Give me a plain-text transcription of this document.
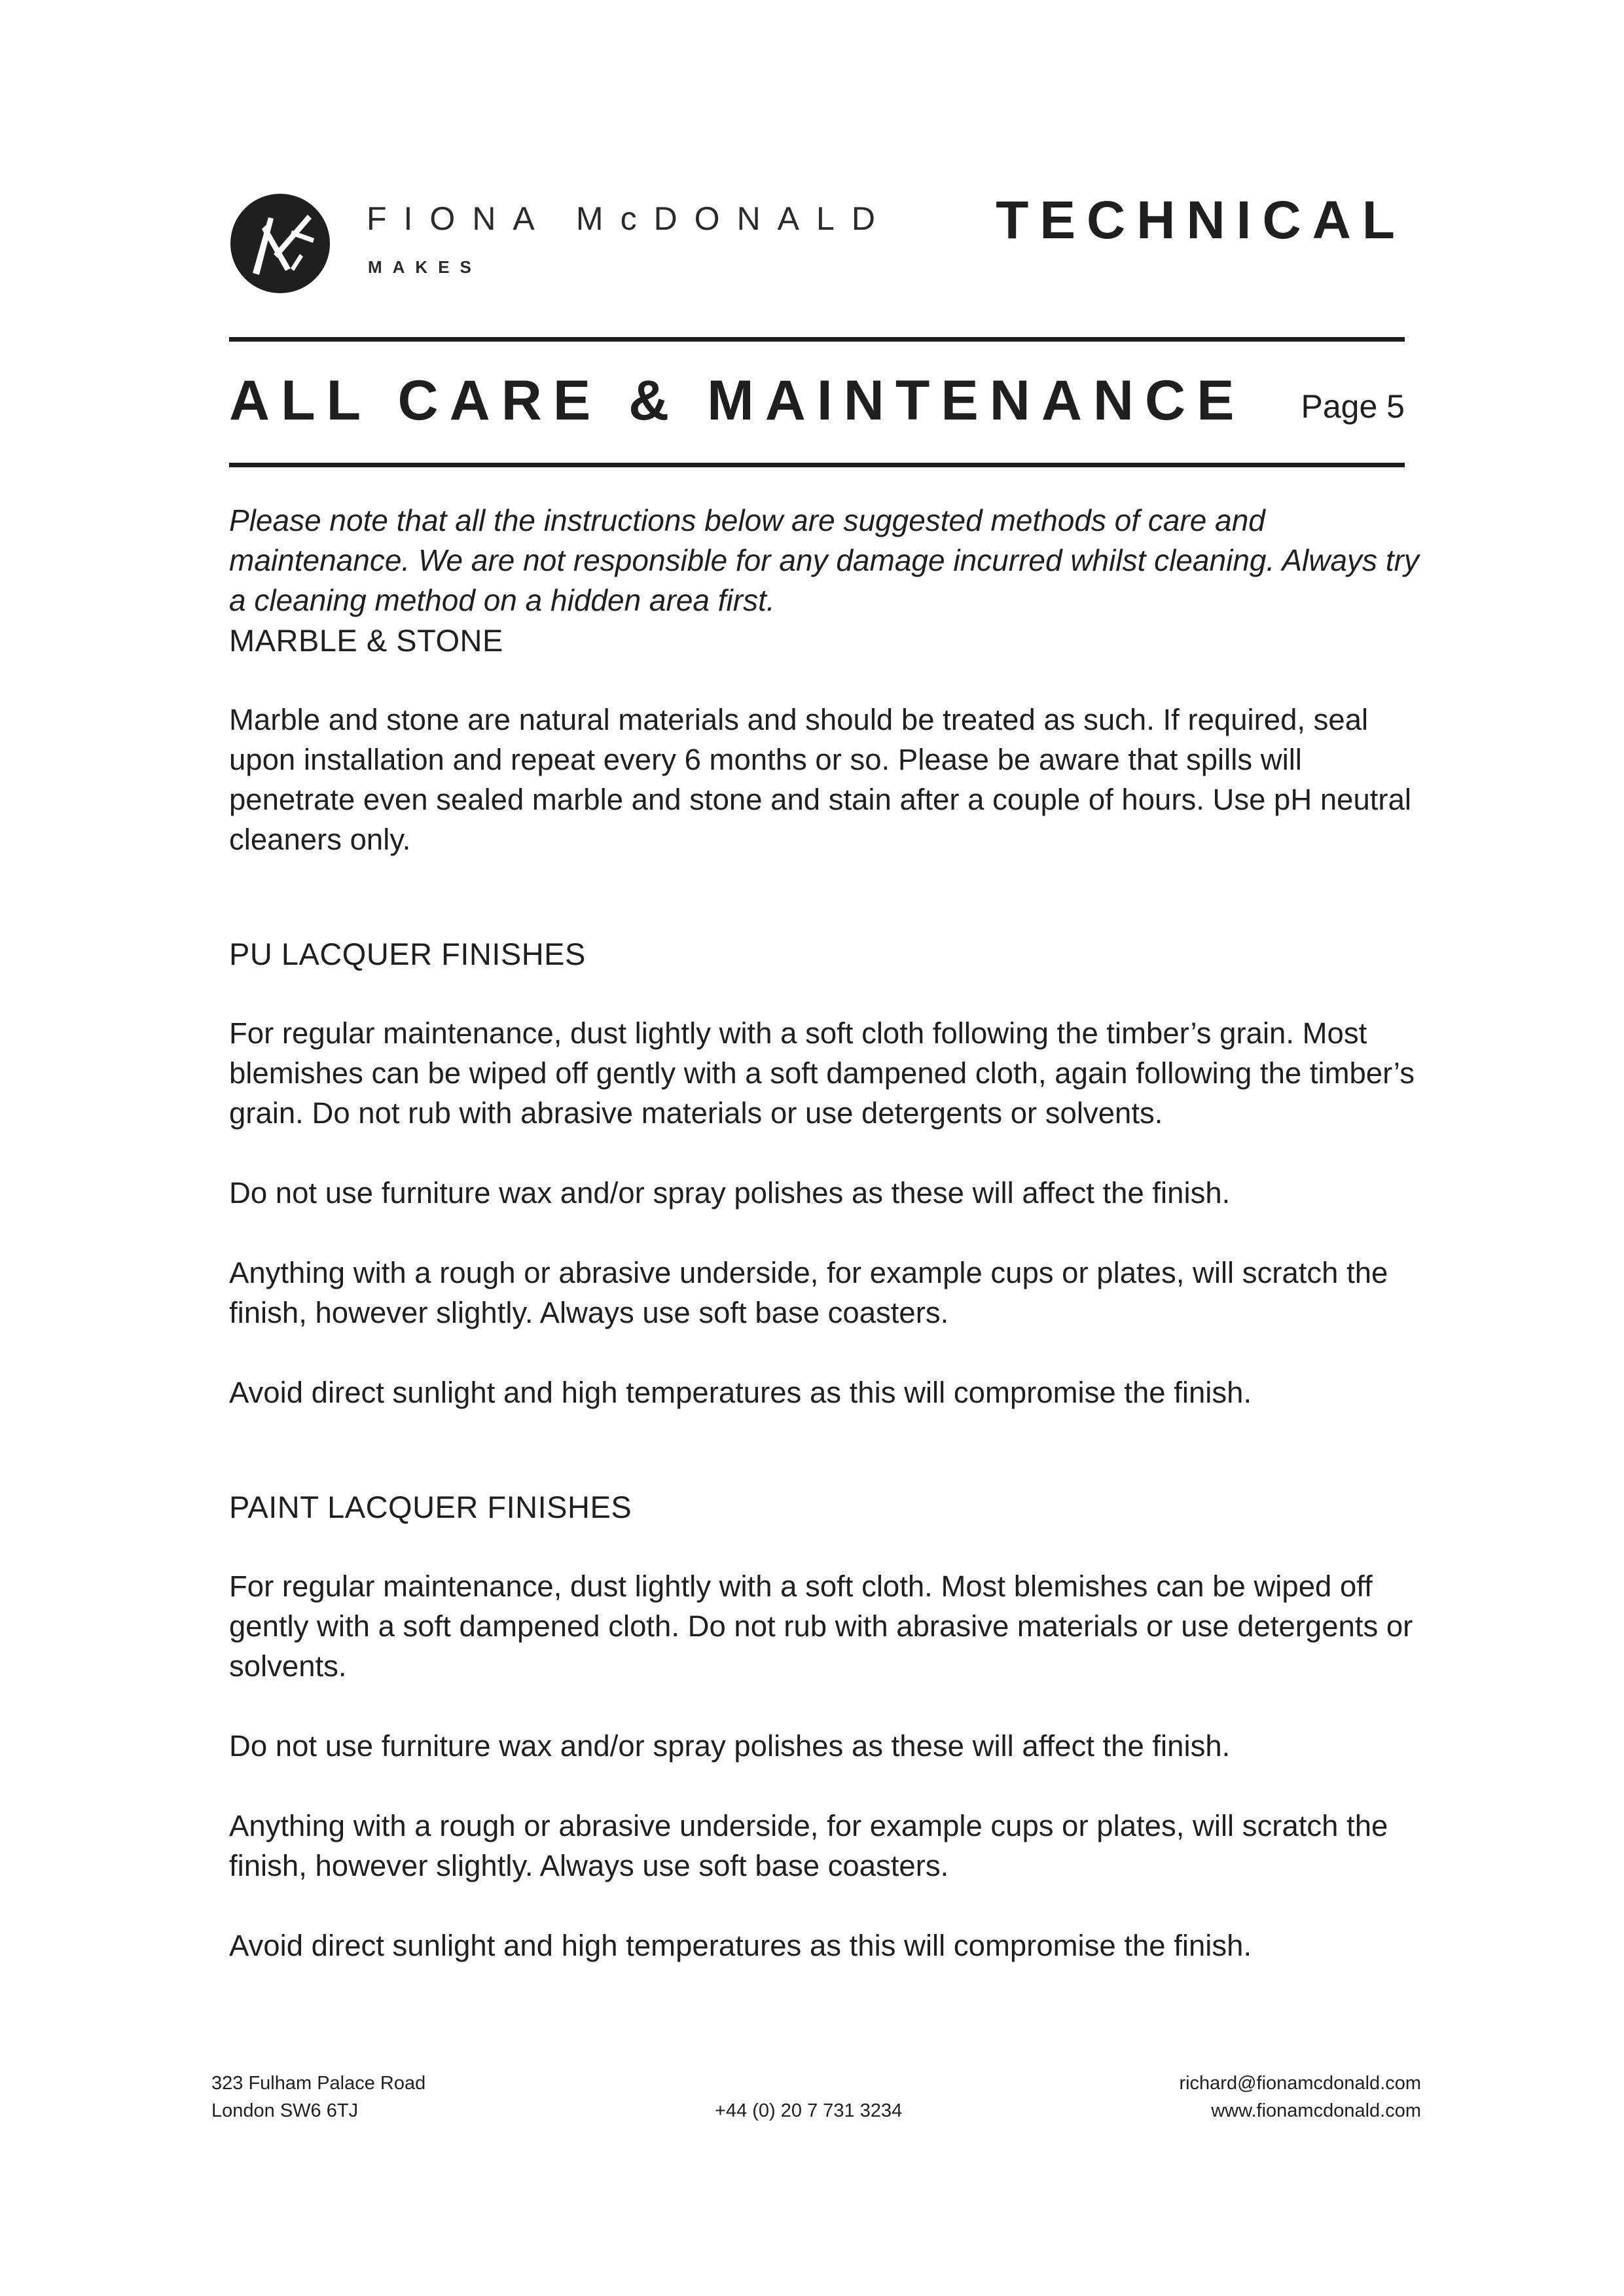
FIONA McDONALD
MAKES
TECHNICAL
ALL CARE & MAINTENANCE Page 5

Please note that all the instructions below are suggested methods of care and maintenance. We are not responsible for any damage incurred whilst cleaning. Always try a cleaning method on a hidden area first.

MARBLE & STONE

Marble and stone are natural materials and should be treated as such. If required, seal upon installation and repeat every 6 months or so. Please be aware that spills will penetrate even sealed marble and stone and stain after a couple of hours. Use pH neutral cleaners only.

PU LACQUER FINISHES

For regular maintenance, dust lightly with a soft cloth following the timber’s grain. Most blemishes can be wiped off gently with a soft dampened cloth, again following the timber’s grain. Do not rub with abrasive materials or use detergents or solvents.

Do not use furniture wax and/or spray polishes as these will affect the finish.

Anything with a rough or abrasive underside, for example cups or plates, will scratch the finish, however slightly. Always use soft base coasters.

Avoid direct sunlight and high temperatures as this will compromise the finish.

PAINT LACQUER FINISHES

For regular maintenance, dust lightly with a soft cloth. Most blemishes can be wiped off gently with a soft dampened cloth. Do not rub with abrasive materials or use detergents or solvents.

Do not use furniture wax and/or spray polishes as these will affect the finish.

Anything with a rough or abrasive underside, for example cups or plates, will scratch the finish, however slightly. Always use soft base coasters.

Avoid direct sunlight and high temperatures as this will compromise the finish.

323 Fulham Palace Road
London SW6 6TJ	+44 (0) 20 7 731 3234
richard@fionamcdonald.com
www.fionamcdonald.com
